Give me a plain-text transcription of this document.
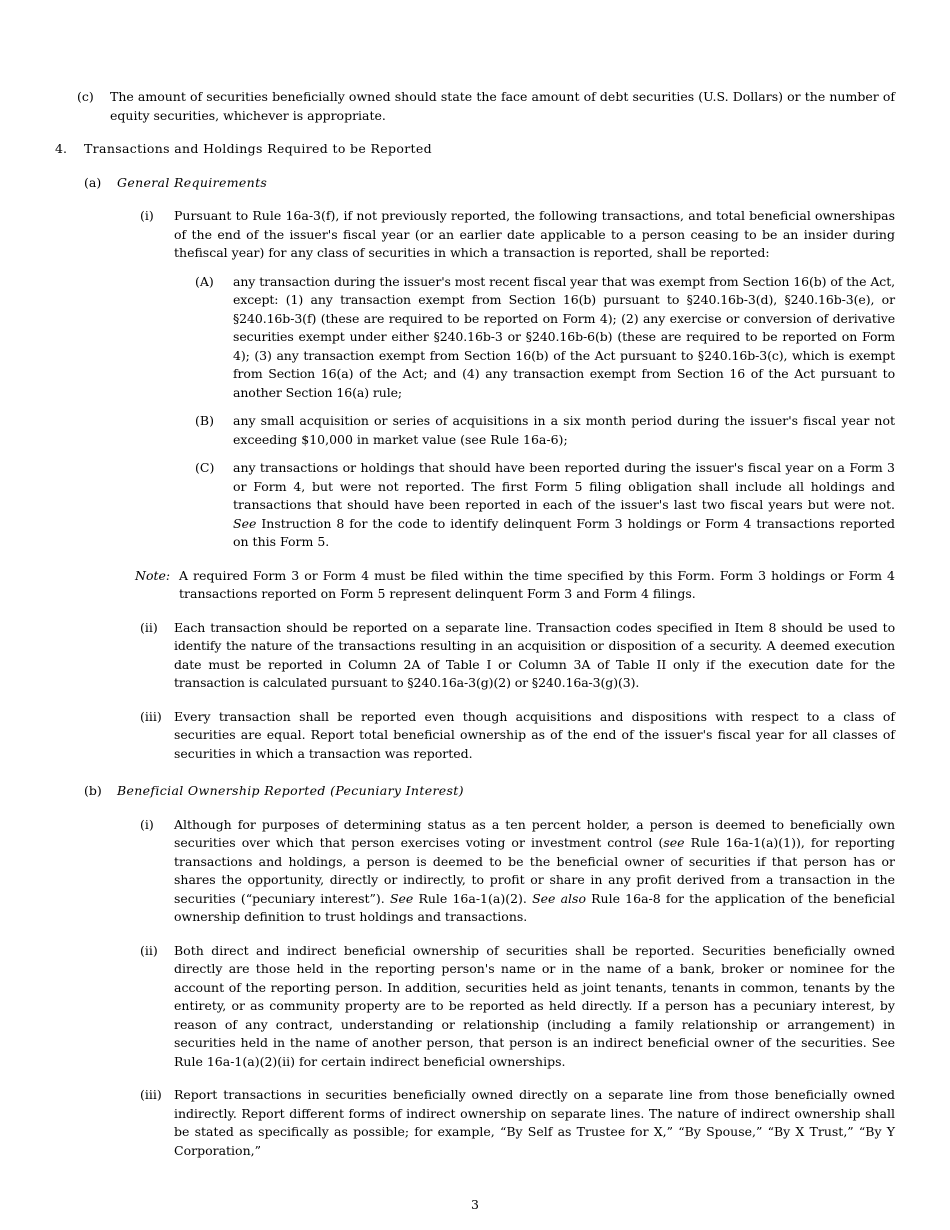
(c)	The amount of securities beneficially owned should state the face amount of debt securities (U.S. Dollars) or the number of equity securities, whichever is appropriate.
4.	Transactions and Holdings Required to be Reported
(a)	General Requirements
(i)	Pursuant to Rule 16a-3(f), if not previously reported, the following transactions, and total beneficial ownershipas of the end of the issuer's fiscal year (or an earlier date applicable to a person ceasing to be an insider during thefiscal year) for any class of securities in which a transaction is reported, shall be reported:
(A)	any transaction during the issuer's most recent fiscal year that was exempt from Section 16(b) of the Act, except: (1) any transaction exempt from Section 16(b) pursuant to §240.16b-3(d), §240.16b-3(e), or §240.16b-3(f) (these are required to be reported on Form 4); (2) any exercise or conversion of derivative securities exempt under either §240.16b-3 or §240.16b-6(b) (these are required to be reported on Form 4); (3) any transaction exempt from Section 16(b) of the Act pursuant to §240.16b-3(c), which is exempt from Section 16(a) of the Act; and (4) any transaction exempt from Section 16 of the Act pursuant to another Section 16(a) rule;
(B)	any small acquisition or series of acquisitions in a six month period during the issuer's fiscal year not exceeding $10,000 in market value (see Rule 16a-6);
(C)	any transactions or holdings that should have been reported during the issuer's fiscal year on a Form 3 or Form 4, but were not reported. The first Form 5 filing obligation shall include all holdings and transactions that should have been reported in each of the issuer's last two fiscal years but were not. See Instruction 8 for the code to identify delinquent Form 3 holdings or Form 4 transactions reported on this Form 5.
Note: A required Form 3 or Form 4 must be filed within the time specified by this Form. Form 3 holdings or Form 4 transactions reported on Form 5 represent delinquent Form 3 and Form 4 filings.
(ii)	Each transaction should be reported on a separate line. Transaction codes specified in Item 8 should be used to identify the nature of the transactions resulting in an acquisition or disposition of a security. A deemed execution date must be reported in Column 2A of Table I or Column 3A of Table II only if the execution date for the transaction is calculated pursuant to §240.16a-3(g)(2) or §240.16a-3(g)(3).
(iii) Every transaction shall be reported even though acquisitions and dispositions with respect to a class of securities are equal. Report total beneficial ownership as of the end of the issuer's fiscal year for all classes of securities in which a transaction was reported.
(b)	Beneficial Ownership Reported (Pecuniary Interest)
(i)	Although for purposes of determining status as a ten percent holder, a person is deemed to beneficially own securities over which that person exercises voting or investment control (see Rule 16a-1(a)(1)), for reporting transactions and holdings, a person is deemed to be the beneficial owner of securities if that person has or shares the opportunity, directly or indirectly, to profit or share in any profit derived from a transaction in the securities (“pecuniary interest”). See Rule 16a-1(a)(2). See also Rule 16a-8 for the application of the beneficial ownership definition to trust holdings and transactions.
(ii)	Both direct and indirect beneficial ownership of securities shall be reported. Securities beneficially owned directly are those held in the reporting person's name or in the name of a bank, broker or nominee for the account of the reporting person. In addition, securities held as joint tenants, tenants in common, tenants by the entirety, or as community property are to be reported as held directly. If a person has a pecuniary interest, by reason of any contract, understanding or relationship (including a family relationship or arrangement) in securities held in the name of another person, that person is an indirect beneficial owner of the securities. See Rule 16a-1(a)(2)(ii) for certain indirect beneficial ownerships.
(iii) Report transactions in securities beneficially owned directly on a separate line from those beneficially owned indirectly. Report different forms of indirect ownership on separate lines. The nature of indirect ownership shall be stated as specifically as possible; for example, “By Self as Trustee for X,” “By Spouse,” “By X Trust,” “By Y Corporation,”
3
